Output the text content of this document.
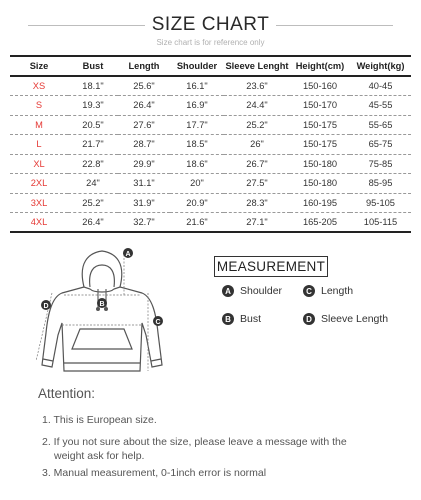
SIZE CHART
Size chart is for reference only
Size	Bust	Length	Shoulder	Sleeve Lenght	Height(cm)	Weight(kg)
XS	18.1"	25.6"	16.1"	23.6"	150-160	40-45
S	19.3"	26.4"	16.9"	24.4"	150-170	45-55
M	20.5"	27.6"	17.7"	25.2"	150-175	55-65
L	21.7"	28.7"	18.5"	26"	150-175	65-75
XL	22.8"	29.9"	18.6"	26.7"	150-180	75-85
2XL	24"	31.1"	20"	27.5"	150-180	85-95
3XL	25.2"	31.9"	20.9"	28.3"	160-195	95-105
4XL	26.4"	32.7"	21.6"	27.1"	165-205	105-115
A
B
C
D
MEASUREMENT
A Shoulder	C Length
B Bust	D Sleeve Length
Attention:
1. This is European size.
2. If you not sure about the size, please leave a message with the
weight ask for help.
3. Manual measurement, 0-1inch error is normal
